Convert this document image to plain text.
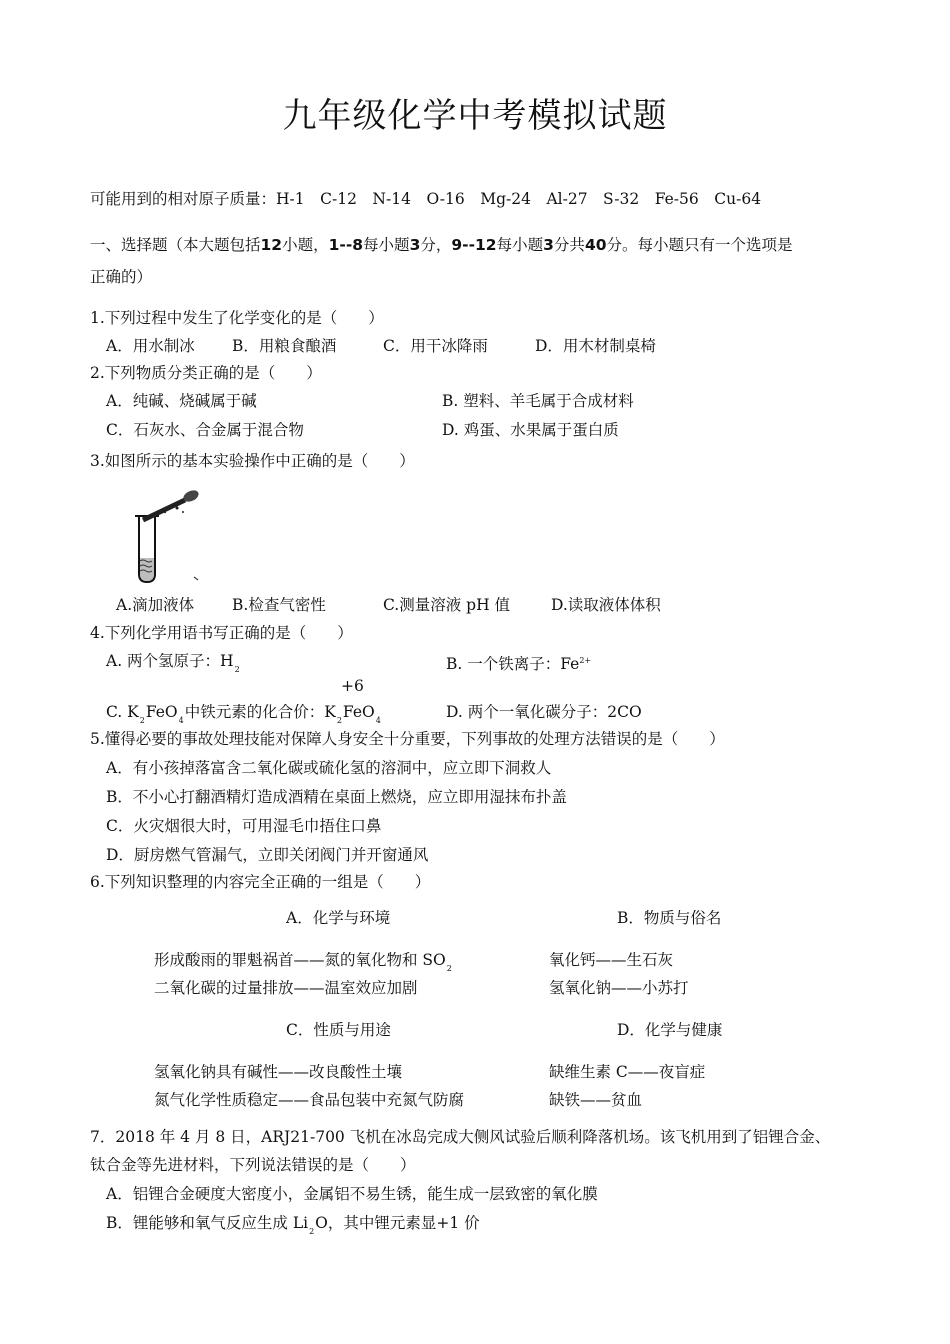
九年级化学中考模拟试题
可能用到的相对原子质量：H-1　C-12　N-14　O-16　Mg-24　Al-27　S-32　Fe-56　Cu-64
一、选择题（本大题包括12小题，1--8每小题3分，9--12每小题3分共40分。每小题只有一个选项是
正确的）
1.下列过程中发生了化学变化的是（　　）
A．用水制冰 B．用粮食酿酒	C．用干冰降雨	D．用木材制桌椅
2.下列物质分类正确的是（　　）
A．纯碱、烧碱属于碱	B. 塑料、羊毛属于合成材料
C．石灰水、合金属于混合物	D. 鸡蛋、水果属于蛋白质
3.如图所示的基本实验操作中正确的是（　　）
A.滴加液体 B.检查气密性	C.测量溶液 pH 值	D.读取液体体积
4.下列化学用语书写正确的是（　　）
A. 两个氢原子：$H_2$	B. 一个铁离子：$Fe^{2+}$
+6
C. $K_2FeO_4$中铁元素的化合价：$K_2FeO_4$	D. 两个一氧化碳分子：2CO
5.懂得必要的事故处理技能对保障人身安全十分重要，下列事故的处理方法错误的是（　　）
A．有小孩掉落富含二氧化碳或硫化氢的溶洞中，应立即下洞救人
B．不小心打翻酒精灯造成酒精在桌面上燃烧，应立即用湿抹布扑盖
C．火灾烟很大时，可用湿毛巾捂住口鼻
D．厨房燃气管漏气，立即关闭阀门并开窗通风
6.下列知识整理的内容完全正确的一组是（　　）
A．化学与环境	B．物质与俗名
形成酸雨的罪魁祸首——氮的氧化物和 $SO_2$
二氧化碳的过量排放——温室效应加剧
氧化钙——生石灰
氢氧化钠——小苏打
C．性质与用途	D．化学与健康
氢氧化钠具有碱性——改良酸性土壤
氮气化学性质稳定——食品包装中充氮气防腐
缺维生素 C——夜盲症
缺铁——贫血
7．2018 年 4 月 8 日，ARJ21-700 飞机在冰岛完成大侧风试验后顺利降落机场。该飞机用到了铝锂合金、
钛合金等先进材料，下列说法错误的是（　　）
A．铝锂合金硬度大密度小，金属铝不易生锈，能生成一层致密的氧化膜
B．锂能够和氧气反应生成 $Li_2O$，其中锂元素显+1 价
